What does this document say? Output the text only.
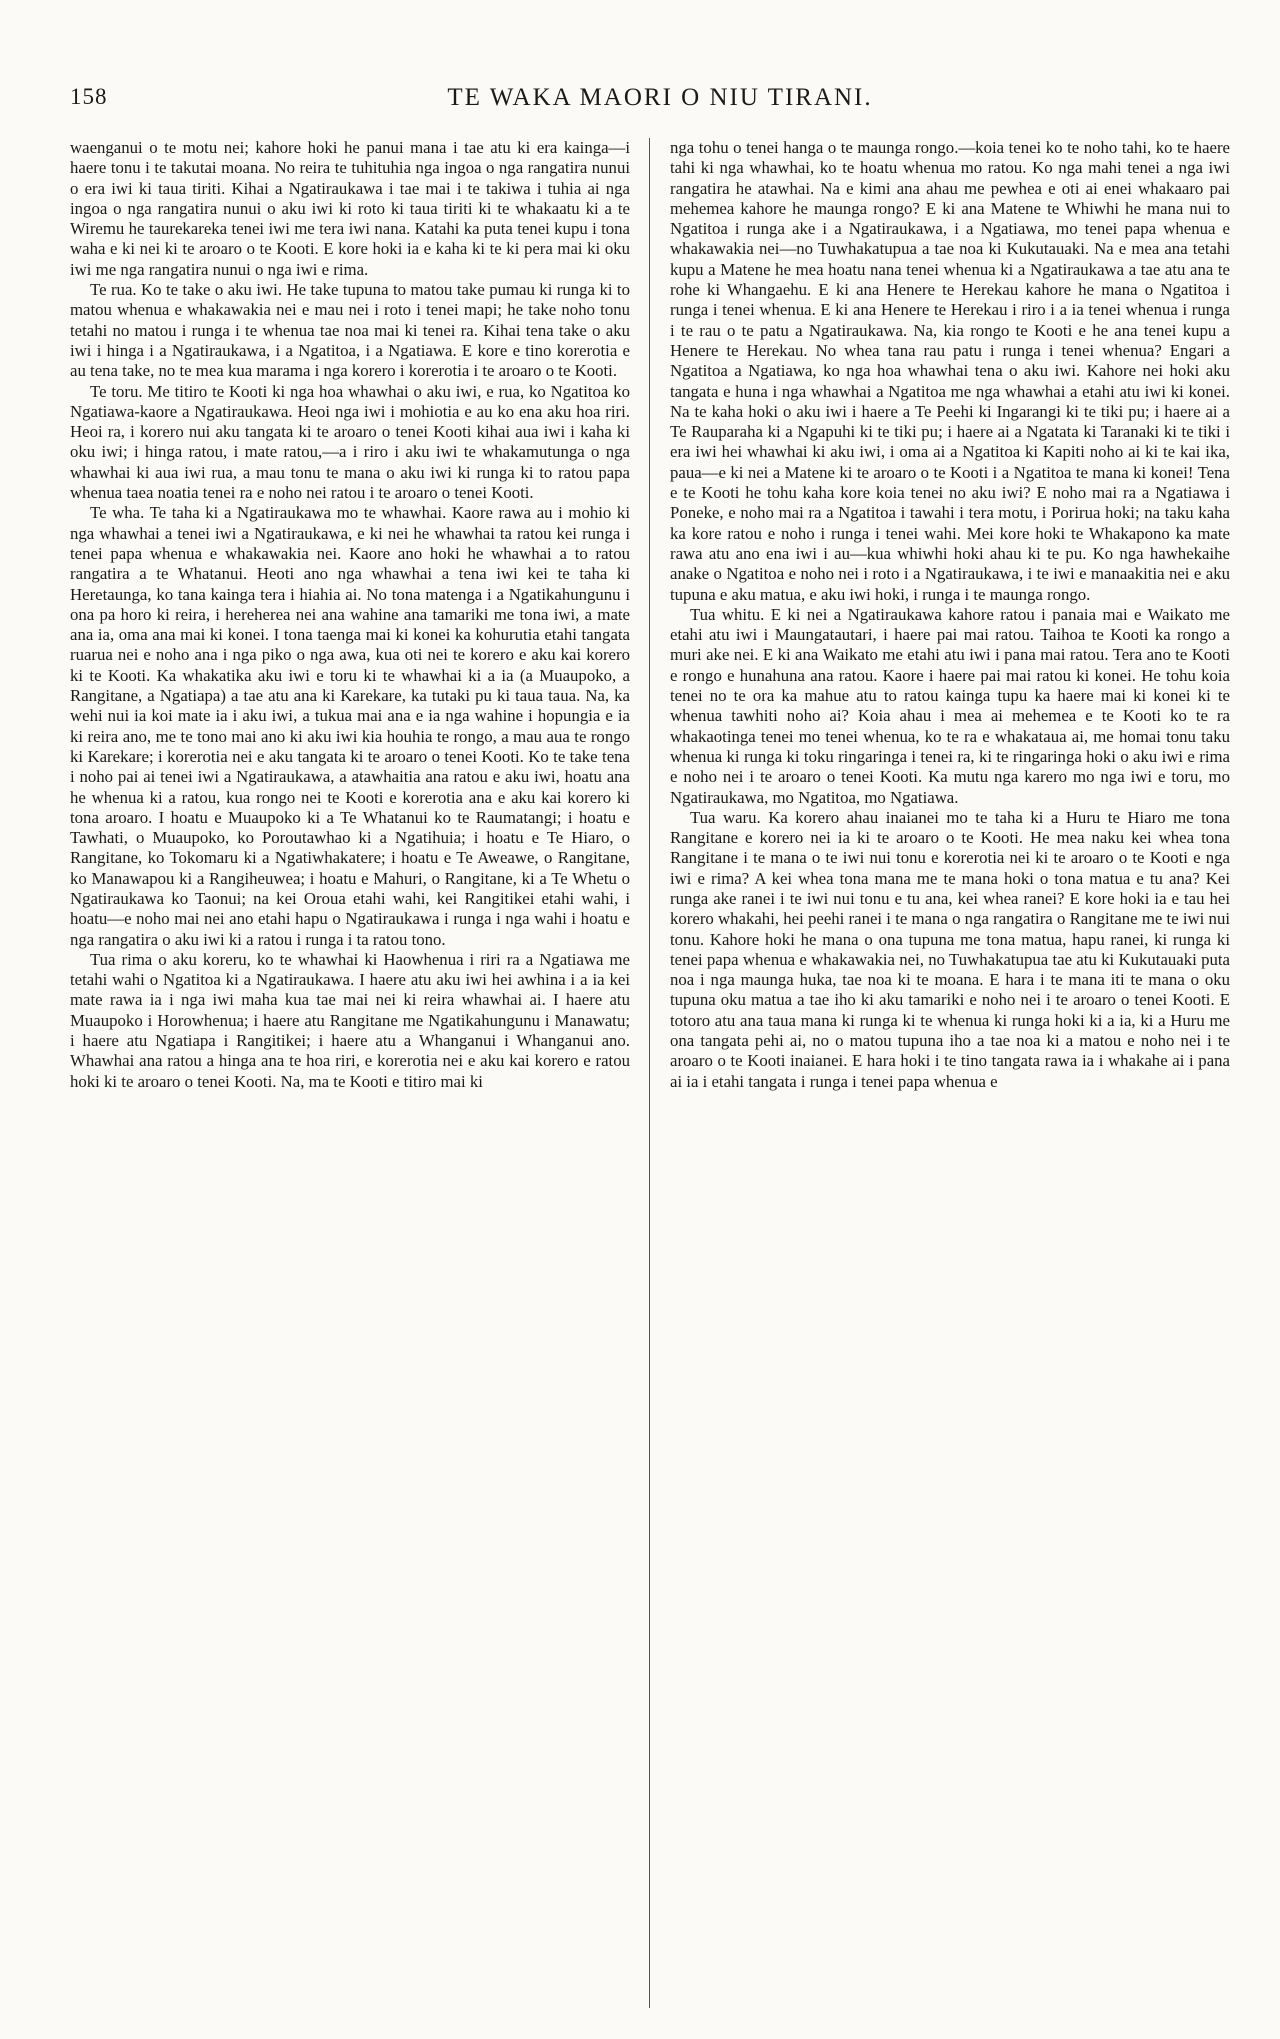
158	TE WAKA MAORI O NIU TIRANI.

waenganui o te motu nei; kahore hoki he panui mana i tae atu ki era kainga—i haere tonu i te takutai moana. No reira te tuhituhia nga ingoa o nga rangatira nunui o era iwi ki taua tiriti. Kihai a Ngatiraukawa i tae mai i te takiwa i tuhia ai nga ingoa o nga rangatira nunui o aku iwi ki roto ki taua tiriti ki te whakaatu ki a te Wiremu he taurekareka tenei iwi me tera iwi nana. Katahi ka puta tenei kupu i tona waha e ki nei ki te aroaro o te Kooti. E kore hoki ia e kaha ki te ki pera mai ki oku iwi me nga rangatira nunui o nga iwi e rima.

Te rua. Ko te take o aku iwi. He take tupuna to matou take pumau ki runga ki to matou whenua e whakawakia nei e mau nei i roto i tenei mapi; he take noho tonu tetahi no matou i runga i te whenua tae noa mai ki tenei ra. Kihai tena take o aku iwi i hinga i a Ngatiraukawa, i a Ngatitoa, i a Ngatiawa. E kore e tino korerotia e au tena take, no te mea kua marama i nga korero i korerotia i te aroaro o te Kooti.

Te toru. Me titiro te Kooti ki nga hoa whawhai o aku iwi, e rua, ko Ngatitoa ko Ngatiawa-kaore a Ngatiraukawa. Heoi nga iwi i mohiotia e au ko ena aku hoa riri. Heoi ra, i korero nui aku tangata ki te aroaro o tenei Kooti kihai aua iwi i kaha ki oku iwi; i hinga ratou, i mate ratou,—a i riro i aku iwi te whakamutunga o nga whawhai ki aua iwi rua, a mau tonu te mana o aku iwi ki runga ki to ratou papa whenua taea noatia tenei ra e noho nei ratou i te aroaro o tenei Kooti.

Te wha. Te taha ki a Ngatiraukawa mo te whawhai. Kaore rawa au i mohio ki nga whawhai a tenei iwi a Ngatiraukawa, e ki nei he whawhai ta ratou kei runga i tenei papa whenua e whakawakia nei. Kaore ano hoki he whawhai a to ratou rangatira a te Whatanui. Heoti ano nga whawhai a tena iwi kei te taha ki Heretaunga, ko tana kainga tera i hiahia ai. No tona matenga i a Ngatikahungunu i ona pa horo ki reira, i hereherea nei ana wahine ana tamariki me tona iwi, a mate ana ia, oma ana mai ki konei. I tona taenga mai ki konei ka kohurutia etahi tangata ruarua nei e noho ana i nga piko o nga awa, kua oti nei te korero e aku kai korero ki te Kooti. Ka whakatika aku iwi e toru ki te whawhai ki a ia (a Muaupoko, a Rangitane, a Ngatiapa) a tae atu ana ki Karekare, ka tutaki pu ki taua taua. Na, ka wehi nui ia koi mate ia i aku iwi, a tukua mai ana e ia nga wahine i hopungia e ia ki reira ano, me te tono mai ano ki aku iwi kia houhia te rongo, a mau aua te rongo ki Karekare; i korerotia nei e aku tangata ki te aroaro o tenei Kooti. Ko te take tena i noho pai ai tenei iwi a Ngatiraukawa, a atawhaitia ana ratou e aku iwi, hoatu ana he whenua ki a ratou, kua rongo nei te Kooti e korerotia ana e aku kai korero ki tona aroaro. I hoatu e Muaupoko ki a Te Whatanui ko te Raumatangi; i hoatu e Tawhati, o Muaupoko, ko Poroutawhao ki a Ngatihuia; i hoatu e Te Hiaro, o Rangitane, ko Tokomaru ki a Ngatiwhakatere; i hoatu e Te Aweawe, o Rangitane, ko Manawapou ki a Rangiheuwea; i hoatu e Mahuri, o Rangitane, ki a Te Whetu o Ngatiraukawa ko Taonui; na kei Oroua etahi wahi, kei Rangitikei etahi wahi, i hoatu—e noho mai nei ano etahi hapu o Ngatiraukawa i runga i nga wahi i hoatu e nga rangatira o aku iwi ki a ratou i runga i ta ratou tono.

Tua rima o aku koreru, ko te whawhai ki Haowhenua i riri ra a Ngatiawa me tetahi wahi o Ngatitoa ki a Ngatiraukawa. I haere atu aku iwi hei awhina i a ia kei mate rawa ia i nga iwi maha kua tae mai nei ki reira whawhai ai. I haere atu Muaupoko i Horowhenua; i haere atu Rangitane me Ngatikahungunu i Manawatu; i haere atu Ngatiapa i Rangitikei; i haere atu a Whanganui i Whanganui ano. Whawhai ana ratou a hinga ana te hoa riri, e korerotia nei e aku kai korero e ratou hoki ki te aroaro o tenei Kooti. Na, ma te Kooti e titiro mai ki

nga tohu o tenei hanga o te maunga rongo.—koia tenei ko te noho tahi, ko te haere tahi ki nga whawhai, ko te hoatu whenua mo ratou. Ko nga mahi tenei a nga iwi rangatira he atawhai. Na e kimi ana ahau me pewhea e oti ai enei whakaaro pai mehemea kahore he maunga rongo? E ki ana Matene te Whiwhi he mana nui to Ngatitoa i runga ake i a Ngatiraukawa, i a Ngatiawa, mo tenei papa whenua e whakawakia nei—no Tuwhakatupua a tae noa ki Kukutauaki. Na e mea ana tetahi kupu a Matene he mea hoatu nana tenei whenua ki a Ngatiraukawa a tae atu ana te rohe ki Whangaehu. E ki ana Henere te Herekau kahore he mana o Ngatitoa i runga i tenei whenua. E ki ana Henere te Herekau i riro i a ia tenei whenua i runga i te rau o te patu a Ngatiraukawa. Na, kia rongo te Kooti e he ana tenei kupu a Henere te Herekau. No whea tana rau patu i runga i tenei whenua? Engari a Ngatitoa a Ngatiawa, ko nga hoa whawhai tena o aku iwi. Kahore nei hoki aku tangata e huna i nga whawhai a Ngatitoa me nga whawhai a etahi atu iwi ki konei. Na te kaha hoki o aku iwi i haere a Te Peehi ki Ingarangi ki te tiki pu; i haere ai a Te Rauparaha ki a Ngapuhi ki te tiki pu; i haere ai a Ngatata ki Taranaki ki te tiki i era iwi hei whawhai ki aku iwi, i oma ai a Ngatitoa ki Kapiti noho ai ki te kai ika, paua—e ki nei a Matene ki te aroaro o te Kooti i a Ngatitoa te mana ki konei! Tena e te Kooti he tohu kaha kore koia tenei no aku iwi? E noho mai ra a Ngatiawa i Poneke, e noho mai ra a Ngatitoa i tawahi i tera motu, i Porirua hoki; na taku kaha ka kore ratou e noho i runga i tenei wahi. Mei kore hoki te Whakapono ka mate rawa atu ano ena iwi i au—kua whiwhi hoki ahau ki te pu. Ko nga hawhekaihe anake o Ngatitoa e noho nei i roto i a Ngatiraukawa, i te iwi e manaakitia nei e aku tupuna e aku matua, e aku iwi hoki, i runga i te maunga rongo.

Tua whitu. E ki nei a Ngatiraukawa kahore ratou i panaia mai e Waikato me etahi atu iwi i Maungatautari, i haere pai mai ratou. Taihoa te Kooti ka rongo a muri ake nei. E ki ana Waikato me etahi atu iwi i pana mai ratou. Tera ano te Kooti e rongo e hunahuna ana ratou. Kaore i haere pai mai ratou ki konei. He tohu koia tenei no te ora ka mahue atu to ratou kainga tupu ka haere mai ki konei ki te whenua tawhiti noho ai? Koia ahau i mea ai mehemea e te Kooti ko te ra whakaotinga tenei mo tenei whenua, ko te ra e whakataua ai, me homai tonu taku whenua ki runga ki toku ringaringa i tenei ra, ki te ringaringa hoki o aku iwi e rima e noho nei i te aroaro o tenei Kooti. Ka mutu nga karero mo nga iwi e toru, mo Ngatiraukawa, mo Ngatitoa, mo Ngatiawa.

Tua waru. Ka korero ahau inaianei mo te taha ki a Huru te Hiaro me tona Rangitane e korero nei ia ki te aroaro o te Kooti. He mea naku kei whea tona Rangitane i te mana o te iwi nui tonu e korerotia nei ki te aroaro o te Kooti e nga iwi e rima? A kei whea tona mana me te mana hoki o tona matua e tu ana? Kei runga ake ranei i te iwi nui tonu e tu ana, kei whea ranei? E kore hoki ia e tau hei korero whakahi, hei peehi ranei i te mana o nga rangatira o Rangitane me te iwi nui tonu. Kahore hoki he mana o ona tupuna me tona matua, hapu ranei, ki runga ki tenei papa whenua e whakawakia nei, no Tuwhakatupua tae atu ki Kukutauaki puta noa i nga maunga huka, tae noa ki te moana. E hara i te mana iti te mana o oku tupuna oku matua a tae iho ki aku tamariki e noho nei i te aroaro o tenei Kooti. E totoro atu ana taua mana ki runga ki te whenua ki runga hoki ki a ia, ki a Huru me ona tangata pehi ai, no o matou tupuna iho a tae noa ki a matou e noho nei i te aroaro o te Kooti inaianei. E hara hoki i te tino tangata rawa ia i whakahe ai i pana ai ia i etahi tangata i runga i tenei papa whenua e
